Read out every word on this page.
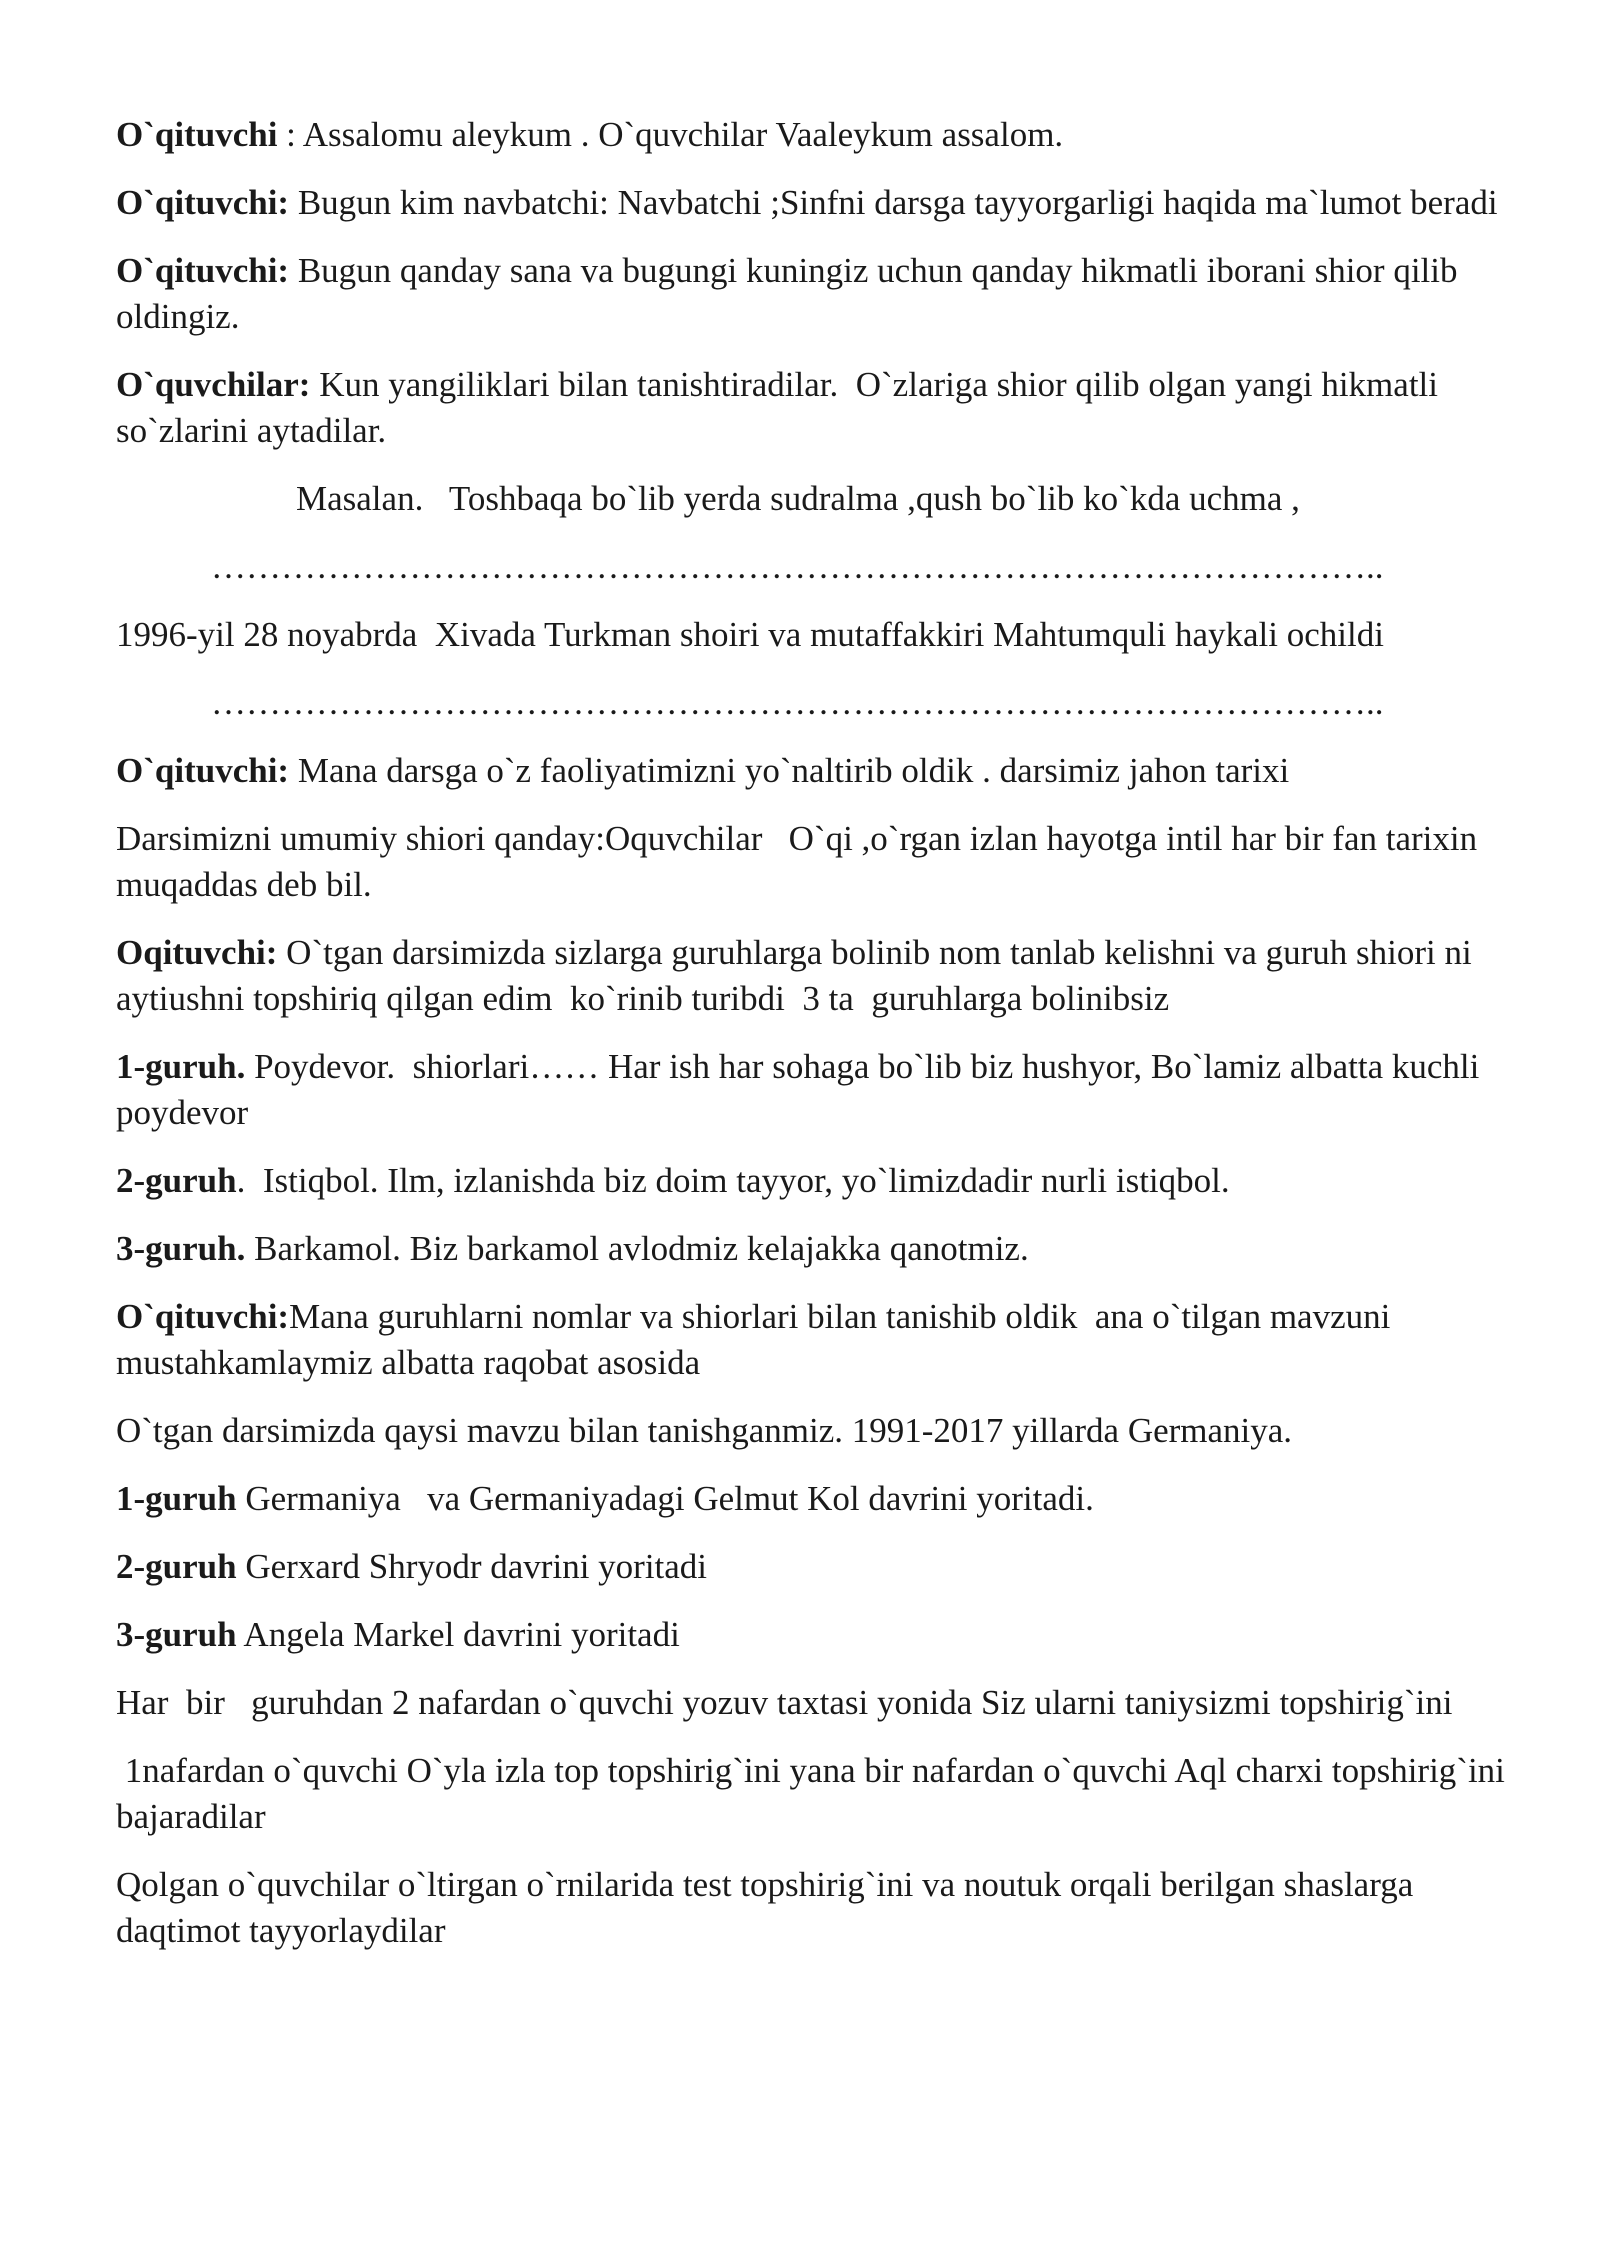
O`qituvchi : Assalomu aleykum . O`quvchilar Vaaleykum assalom.

O`qituvchi: Bugun kim navbatchi: Navbatchi ;Sinfni darsga tayyorgarligi haqida ma`lumot beradi

O`qituvchi: Bugun qanday sana va bugungi kuningiz uchun qanday hikmatli iborani shior qilib oldingiz.

O`quvchilar: Kun yangiliklari bilan tanishtiradilar.  O`zlariga shior qilib olgan yangi hikmatli so`zlarini aytadilar.

Masalan.   Toshbaqa bo`lib yerda sudralma ,qush bo`lib ko`kda uchma ,

………………………………………………………………………………………..

1996-yil 28 noyabrda  Xivada Turkman shoiri va mutaffakkiri Mahtumquli haykali ochildi

………………………………………………………………………………………..

O`qituvchi: Mana darsga o`z faoliyatimizni yo`naltirib oldik . darsimiz jahon tarixi

Darsimizni umumiy shiori qanday:Oquvchilar   O`qi ,o`rgan izlan hayotga intil har bir fan tarixin muqaddas deb bil.

Oqituvchi: O`tgan darsimizda sizlarga guruhlarga bolinib nom tanlab kelishni va guruh shiori ni aytiushni topshiriq qilgan edim  ko`rinib turibdi  3 ta  guruhlarga bolinibsiz

1-guruh. Poydevor.  shiorlari…… Har ish har sohaga bo`lib biz hushyor, Bo`lamiz albatta kuchli poydevor

2-guruh.  Istiqbol. Ilm, izlanishda biz doim tayyor, yo`limizdadir nurli istiqbol.

3-guruh. Barkamol. Biz barkamol avlodmiz kelajakka qanotmiz.

O`qituvchi:Mana guruhlarni nomlar va shiorlari bilan tanishib oldik  ana o`tilgan mavzuni mustahkamlaymiz albatta raqobat asosida

O`tgan darsimizda qaysi mavzu bilan tanishganmiz. 1991-2017 yillarda Germaniya.

1-guruh Germaniya   va Germaniyadagi Gelmut Kol davrini yoritadi.

2-guruh Gerxard Shryodr davrini yoritadi

3-guruh Angela Markel davrini yoritadi

Har  bir   guruhdan 2 nafardan o`quvchi yozuv taxtasi yonida Siz ularni taniysizmi topshirig`ini

1nafardan o`quvchi O`yla izla top topshirig`ini yana bir nafardan o`quvchi Aql charxi topshirig`ini bajaradilar

Qolgan o`quvchilar o`ltirgan o`rnilarida test topshirig`ini va noutuk orqali berilgan shaslarga daqtimot tayyorlaydilar
